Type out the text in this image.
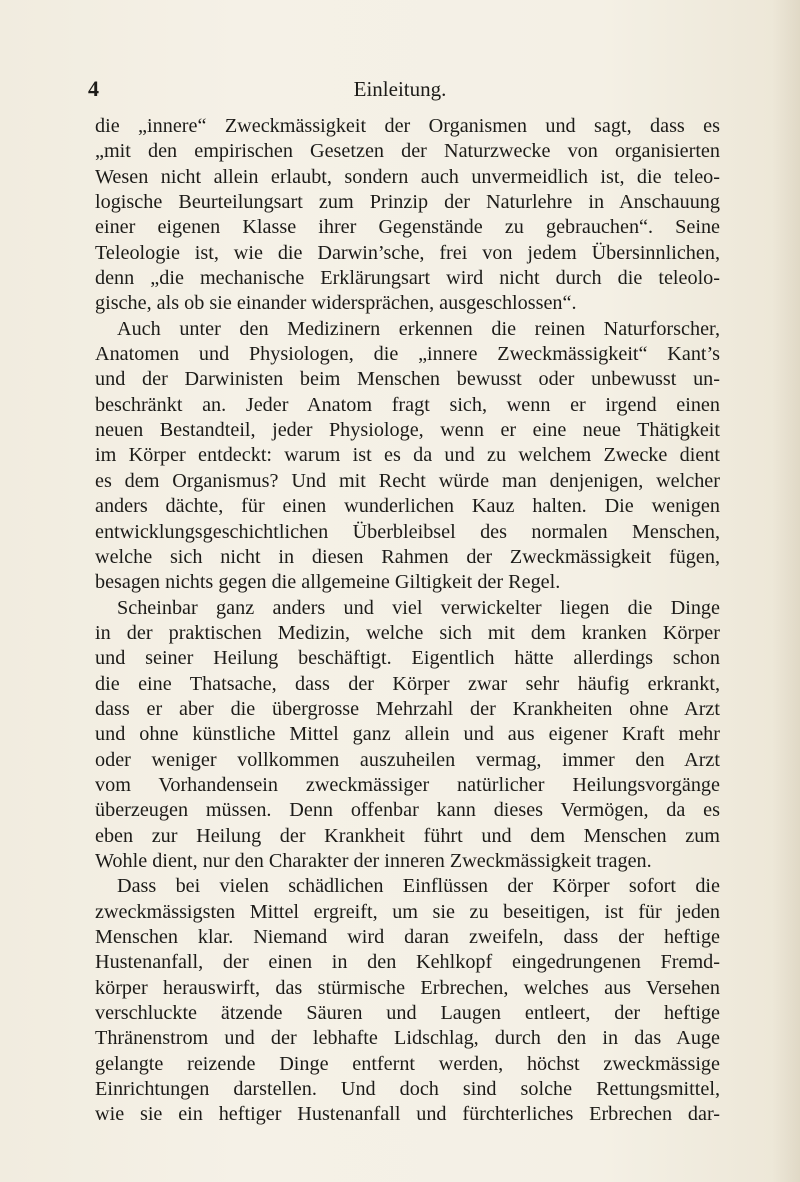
4	Einleitung.
die „innere“ Zweckmässigkeit der Organismen und sagt, dass es
„mit den empirischen Gesetzen der Naturzwecke von organisierten
Wesen nicht allein erlaubt, sondern auch unvermeidlich ist, die teleo-
logische Beurteilungsart zum Prinzip der Naturlehre in Anschauung
einer eigenen Klasse ihrer Gegenstände zu gebrauchen“. Seine
Teleologie ist, wie die Darwin’sche, frei von jedem Übersinnlichen,
denn „die mechanische Erklärungsart wird nicht durch die teleolo-
gische, als ob sie einander widersprächen, ausgeschlossen“.
Auch unter den Medizinern erkennen die reinen Naturforscher,
Anatomen und Physiologen, die „innere Zweckmässigkeit“ Kant’s
und der Darwinisten beim Menschen bewusst oder unbewusst un-
beschränkt an. Jeder Anatom fragt sich, wenn er irgend einen
neuen Bestandteil, jeder Physiologe, wenn er eine neue Thätigkeit
im Körper entdeckt: warum ist es da und zu welchem Zwecke dient
es dem Organismus? Und mit Recht würde man denjenigen, welcher
anders dächte, für einen wunderlichen Kauz halten. Die wenigen
entwicklungsgeschichtlichen Überbleibsel des normalen Menschen,
welche sich nicht in diesen Rahmen der Zweckmässigkeit fügen,
besagen nichts gegen die allgemeine Giltigkeit der Regel.
Scheinbar ganz anders und viel verwickelter liegen die Dinge
in der praktischen Medizin, welche sich mit dem kranken Körper
und seiner Heilung beschäftigt. Eigentlich hätte allerdings schon
die eine Thatsache, dass der Körper zwar sehr häufig erkrankt,
dass er aber die übergrosse Mehrzahl der Krankheiten ohne Arzt
und ohne künstliche Mittel ganz allein und aus eigener Kraft mehr
oder weniger vollkommen auszuheilen vermag, immer den Arzt
vom Vorhandensein zweckmässiger natürlicher Heilungsvorgänge
überzeugen müssen. Denn offenbar kann dieses Vermögen, da es
eben zur Heilung der Krankheit führt und dem Menschen zum
Wohle dient, nur den Charakter der inneren Zweckmässigkeit tragen.
Dass bei vielen schädlichen Einflüssen der Körper sofort die
zweckmässigsten Mittel ergreift, um sie zu beseitigen, ist für jeden
Menschen klar. Niemand wird daran zweifeln, dass der heftige
Hustenanfall, der einen in den Kehlkopf eingedrungenen Fremd-
körper herauswirft, das stürmische Erbrechen, welches aus Versehen
verschluckte ätzende Säuren und Laugen entleert, der heftige
Thränenstrom und der lebhafte Lidschlag, durch den in das Auge
gelangte reizende Dinge entfernt werden, höchst zweckmässige
Einrichtungen darstellen. Und doch sind solche Rettungsmittel,
wie sie ein heftiger Hustenanfall und fürchterliches Erbrechen dar-
